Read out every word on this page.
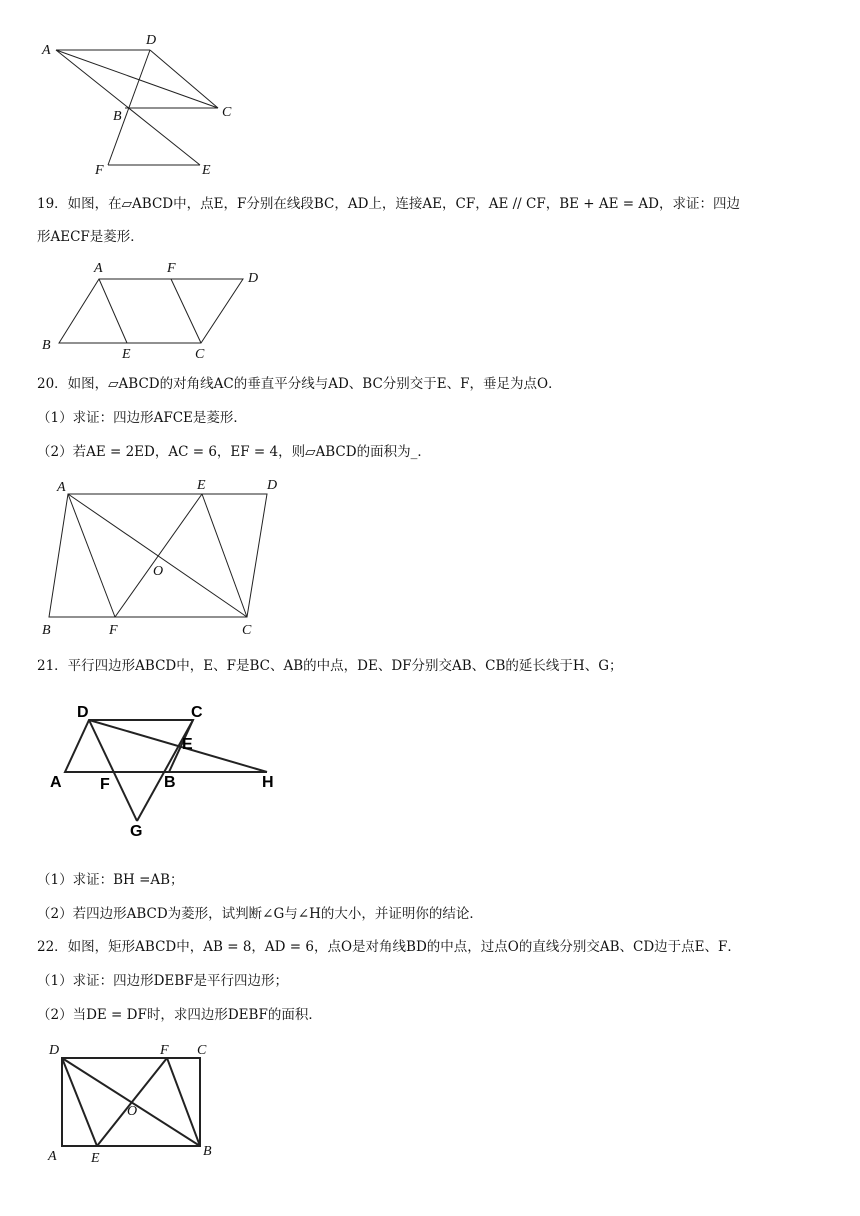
A
D
B	C
F	E
19．如图，在▱ABCD中，点E，F分别在线段BC，AD上，连接AE，CF，AE // CF，BE + AE = AD，求证：四边
形AECF是菱形．
A	F
D
B
E	C
20．如图，▱ABCD的对角线AC的垂直平分线与AD、BC分别交于E、F，垂足为点O．
（1）求证：四边形AFCE是菱形．
（2）若AE = 2ED，AC = 6，EF = 4，则▱ABCD的面积为_．
A	E	D
O
B	F	C
21．平行四边形ABCD中，E、F是BC、AB的中点，DE、DF分别交AB、CB的延长线于H、G；
D	C
E
A F	B	H
G
（1）求证：BH =AB；
（2）若四边形ABCD为菱形，试判断∠G与∠H的大小，并证明你的结论．
22．如图，矩形ABCD中，AB = 8，AD = 6，点O是对角线BD的中点，过点O的直线分别交AB、CD边于点E、F．
（1）求证：四边形DEBF是平行四边形；
（2）当DE = DF时，求四边形DEBF的面积．
D	F C
O
A E	B
